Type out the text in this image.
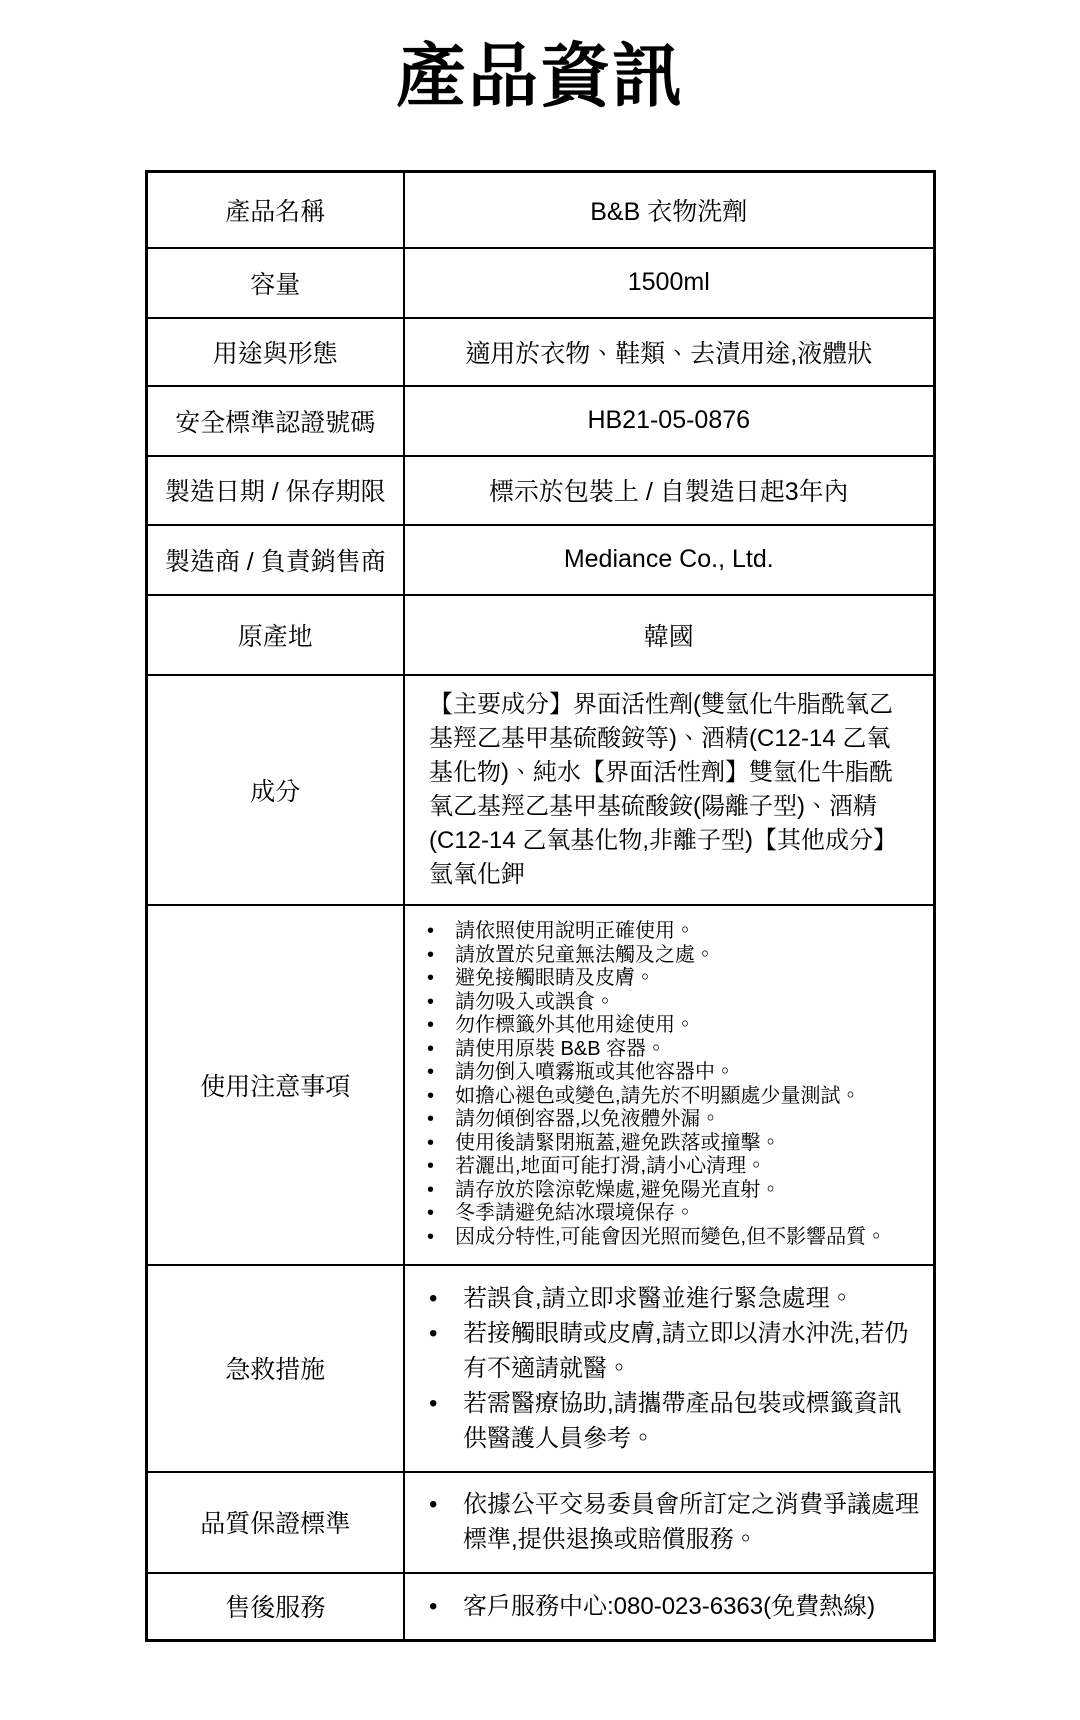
產品資訊
產品名稱	B&B 衣物洗劑
容量	1500ml
用途與形態	適用於衣物、鞋類、去漬用途,液體狀
安全標準認證號碼	HB21-05-0876
製造日期 / 保存期限	標示於包裝上 / 自製造日起3年內
製造商 / 負責銷售商	Mediance Co., Ltd.
原產地	韓國
成分	【主要成分】界面活性劑(雙氫化牛脂酰氧乙基羥乙基甲基硫酸銨等)、酒精(C12-14 乙氧基化物)、純水【界面活性劑】雙氫化牛脂酰氧乙基羥乙基甲基硫酸銨(陽離子型)、酒精(C12-14 乙氧基化物,非離子型)【其他成分】氫氧化鉀
使用注意事項	
•	請依照使用說明正確使用。
•	請放置於兒童無法觸及之處。
•	避免接觸眼睛及皮膚。
•	請勿吸入或誤食。
•	勿作標籤外其他用途使用。
•	請使用原裝 B&B 容器。
•	請勿倒入噴霧瓶或其他容器中。
•	如擔心褪色或變色,請先於不明顯處少量測試。
•	請勿傾倒容器,以免液體外漏。
•	使用後請緊閉瓶蓋,避免跌落或撞擊。
•	若灑出,地面可能打滑,請小心清理。
•	請存放於陰涼乾燥處,避免陽光直射。
•	冬季請避免結冰環境保存。
•	因成分特性,可能會因光照而變色,但不影響品質。

急救措施	
•	若誤食,請立即求醫並進行緊急處理。
•	若接觸眼睛或皮膚,請立即以清水沖洗,若仍有不適請就醫。
•	若需醫療協助,請攜帶產品包裝或標籤資訊供醫護人員參考。

品質保證標準	• 依據公平交易委員會所訂定之消費爭議處理標準,提供退換或賠償服務。

售後服務	• 客戶服務中心:080-023-6363(免費熱線)
